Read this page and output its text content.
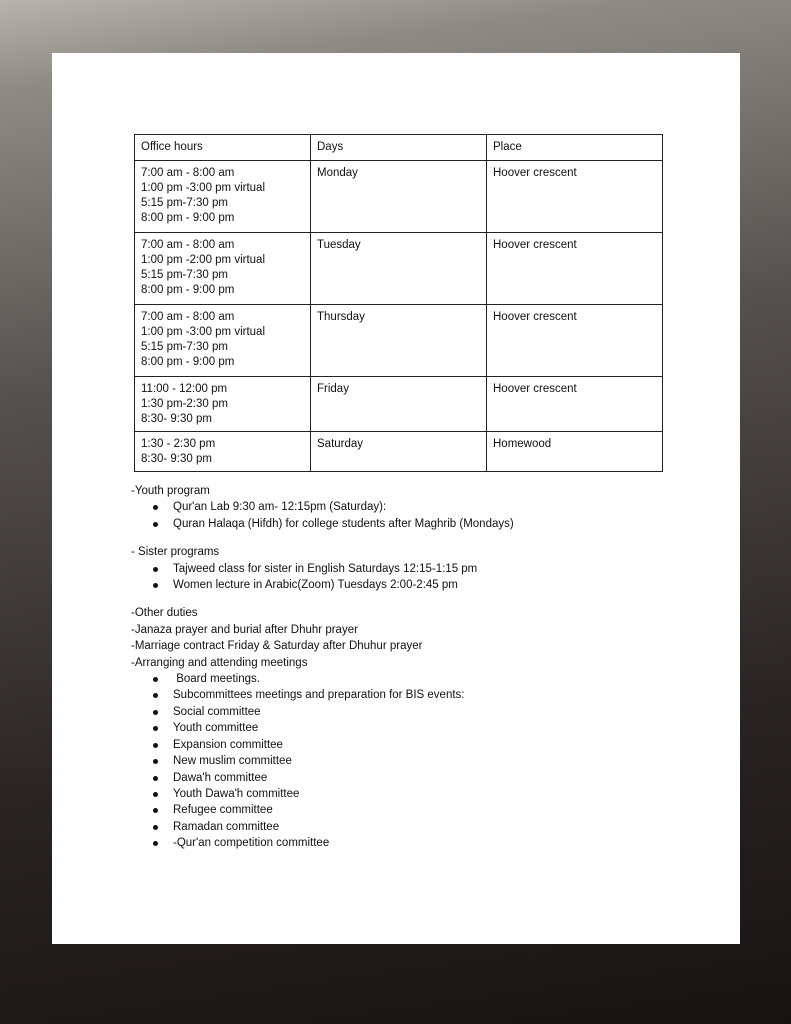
Office hours	Days	Place

7:00 am - 8:00 am
1:00 pm -3:00 pm virtual
5:15 pm-7:30 pm
8:00 pm - 9:00 pm	Monday	Hoover crescent

7:00 am - 8:00 am
1:00 pm -2:00 pm virtual
5:15 pm-7:30 pm
8:00 pm - 9:00 pm	Tuesday	Hoover crescent

7:00 am - 8:00 am
1:00 pm -3:00 pm virtual
5:15 pm-7:30 pm
8:00 pm - 9:00 pm	Thursday	Hoover crescent

11:00 - 12:00 pm
1:30 pm-2:30 pm
8:30- 9:30 pm	Friday	Hoover crescent

1:30 - 2:30 pm
8:30- 9:30 pm	Saturday	Homewood

-Youth program

Qur'an Lab 9:30 am- 12:15pm (Saturday):
Quran Halaqa (Hifdh) for college students after Maghrib (Mondays)

- Sister programs

Tajweed class for sister in English Saturdays 12:15-1:15 pm
Women lecture in Arabic(Zoom) Tuesdays 2:00-2:45 pm

-Other duties

-Janaza prayer and burial after Dhuhr prayer

-Marriage contract Friday & Saturday after Dhuhur prayer

-Arranging and attending meetings

Board meetings.
Subcommittees meetings and preparation for BIS events:
Social committee
Youth committee
Expansion committee
New muslim committee
Dawa'h committee
Youth Dawa'h committee
Refugee committee
Ramadan committee
-Qur'an competition committee
